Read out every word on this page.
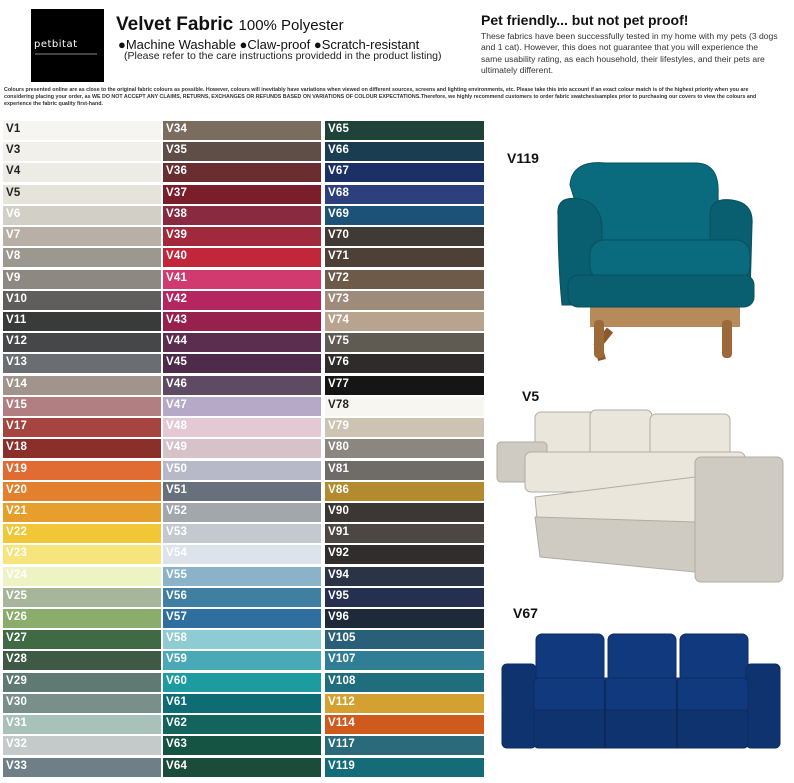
petbitat
Velvet Fabric 100% Polyester
●Machine Washable ●Claw-proof ●Scratch-resistant
(Please refer to the care instructions providedd in the product listing)
Pet friendly... but not pet proof!
These fabrics have been successfully tested in my home with my pets (3 dogs and 1 cat). However, this does not guarantee that you will experience the same usability rating, as each household, their lifestyles, and their pets are ultimately different.
Colours presented online are as close to the original fabric colours as possible. However, colours will inevitably have variations when viewed on different sources, screens and lighting environments, etc. Please take this into account if an exact colour match is of the highest priority when you are considering placing your order, as WE DO NOT ACCEPT ANY CLAIMS, RETURNS, EXCHANGES OR REFUNDS BASED ON VARIATIONS OF COLOUR EXPECTATIONS.Therefore, we highly recommend customers to order fabric swatches/samples prior to purchasing our covers to view the colours and experience the fabric quality first-hand.
V1
V3
V4
V5
V6
V7
V8
V9
V10
V11
V12
V13
V14
V15
V17
V18
V19
V20
V21
V22
V23
V24
V25
V26
V27
V28
V29
V30
V31
V32
V33
V34
V35
V36
V37
V38
V39
V40
V41
V42
V43
V44
V45
V46
V47
V48
V49
V50
V51
V52
V53
V54
V55
V56
V57
V58
V59
V60
V61
V62
V63
V64
V65
V66
V67
V68
V69
V70
V71
V72
V73
V74
V75
V76
V77
V78
V79
V80
V81
V86
V90
V91
V92
V94
V95
V96
V105
V107
V108
V112
V114
V117
V119
V119
V5
V67
